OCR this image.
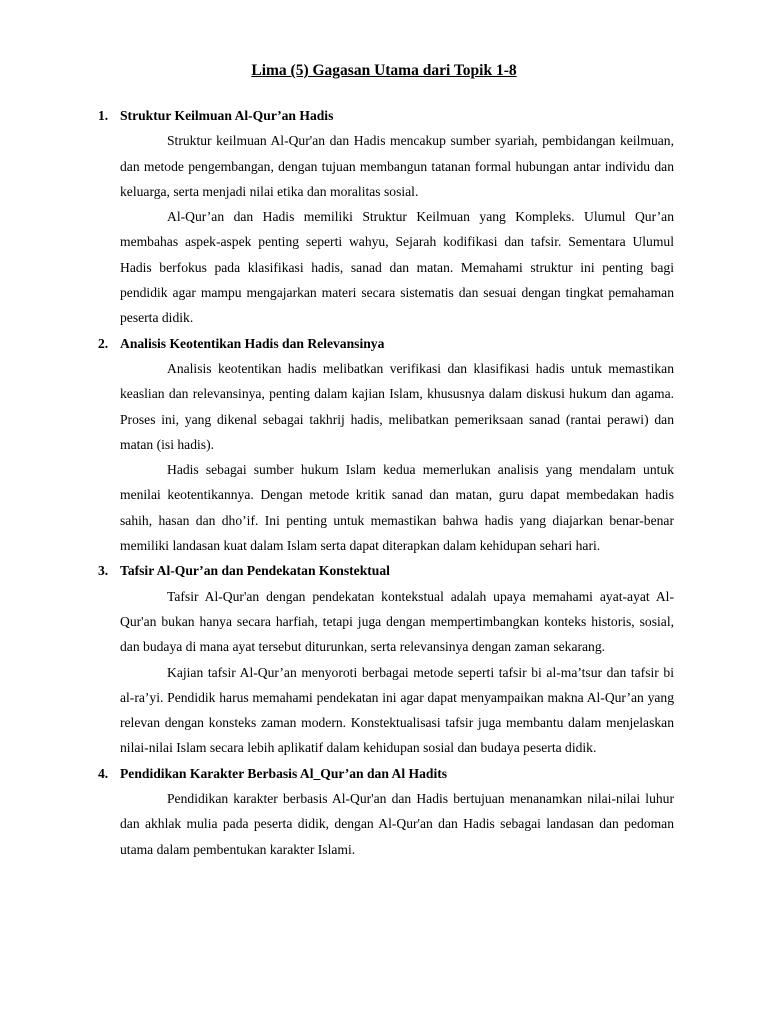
Lima (5) Gagasan Utama dari Topik 1-8
1. Struktur Keilmuan Al-Qur’an Hadis

Struktur keilmuan Al-Qur'an dan Hadis mencakup sumber syariah, pembidangan keilmuan, dan metode pengembangan, dengan tujuan membangun tatanan formal hubungan antar individu dan keluarga, serta menjadi nilai etika dan moralitas sosial.

Al-Qur’an dan Hadis memiliki Struktur Keilmuan yang Kompleks. Ulumul Qur’an membahas aspek-aspek penting seperti wahyu, Sejarah kodifikasi dan tafsir. Sementara Ulumul Hadis berfokus pada klasifikasi hadis, sanad dan matan. Memahami struktur ini penting bagi pendidik agar mampu mengajarkan materi secara sistematis dan sesuai dengan tingkat pemahaman peserta didik.

2. Analisis Keotentikan Hadis dan Relevansinya

Analisis keotentikan hadis melibatkan verifikasi dan klasifikasi hadis untuk memastikan keaslian dan relevansinya, penting dalam kajian Islam, khususnya dalam diskusi hukum dan agama. Proses ini, yang dikenal sebagai takhrij hadis, melibatkan pemeriksaan sanad (rantai perawi) dan matan (isi hadis).

Hadis sebagai sumber hukum Islam kedua memerlukan analisis yang mendalam untuk menilai keotentikannya. Dengan metode kritik sanad dan matan, guru dapat membedakan hadis sahih, hasan dan dho’if. Ini penting untuk memastikan bahwa hadis yang diajarkan benar-benar memiliki landasan kuat dalam Islam serta dapat diterapkan dalam kehidupan sehari hari.

3. Tafsir Al-Qur’an dan Pendekatan Konstektual

Tafsir Al-Qur'an dengan pendekatan kontekstual adalah upaya memahami ayat-ayat Al-Qur'an bukan hanya secara harfiah, tetapi juga dengan mempertimbangkan konteks historis, sosial, dan budaya di mana ayat tersebut diturunkan, serta relevansinya dengan zaman sekarang.

Kajian tafsir Al-Qur’an menyoroti berbagai metode seperti tafsir bi al-ma’tsur dan tafsir bi al-ra’yi. Pendidik harus memahami pendekatan ini agar dapat menyampaikan makna Al-Qur’an yang relevan dengan konsteks zaman modern. Konstektualisasi tafsir juga membantu dalam menjelaskan nilai-nilai Islam secara lebih aplikatif dalam kehidupan sosial dan budaya peserta didik.

4. Pendidikan Karakter Berbasis Al_Qur’an dan Al Hadits

Pendidikan karakter berbasis Al-Qur'an dan Hadis bertujuan menanamkan nilai-nilai luhur dan akhlak mulia pada peserta didik, dengan Al-Qur'an dan Hadis sebagai landasan dan pedoman utama dalam pembentukan karakter Islami.
